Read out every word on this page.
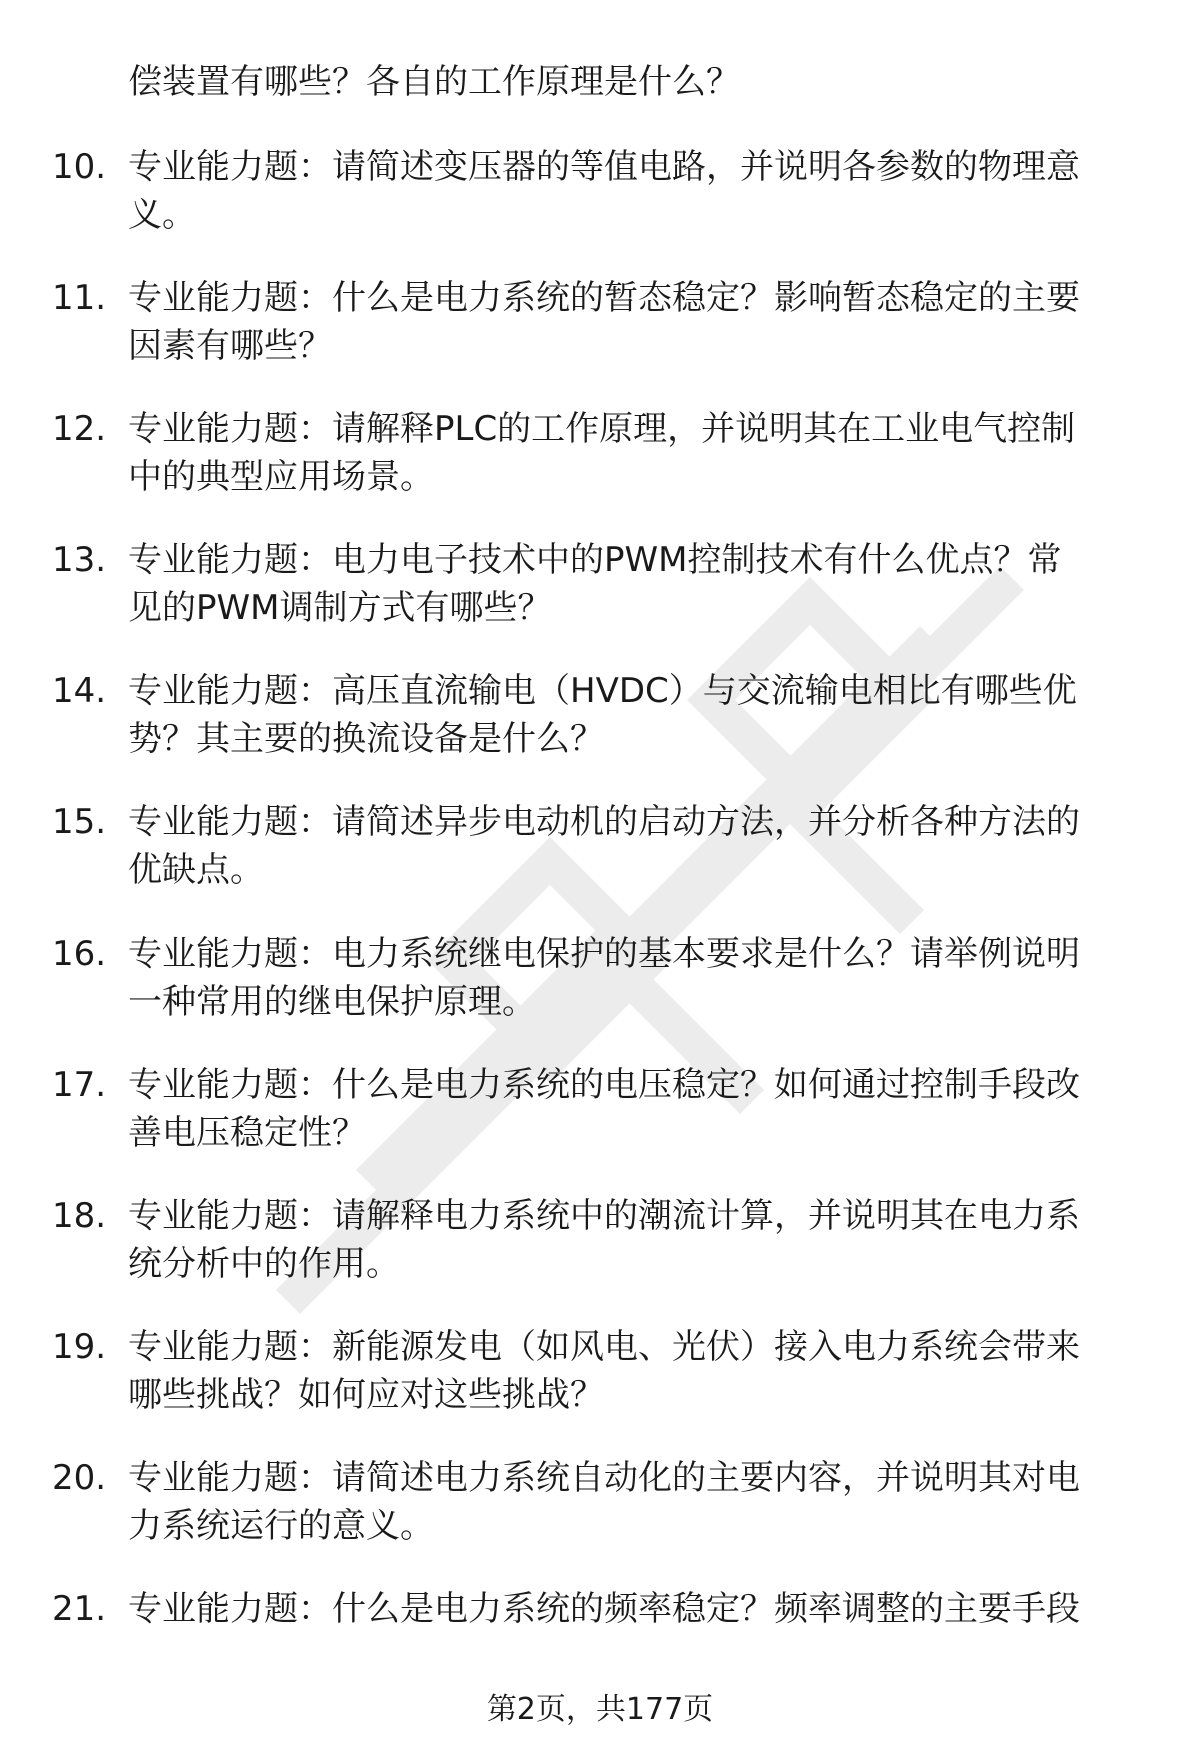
偿装置有哪些？各自的工作原理是什么？
10. 专业能力题：请简述变压器的等值电路，并说明各参数的物理意
义。
11. 专业能力题：什么是电力系统的暂态稳定？影响暂态稳定的主要
因素有哪些？
12. 专业能力题：请解释PLC的工作原理，并说明其在工业电气控制
中的典型应用场景。
13. 专业能力题：电力电子技术中的PWM控制技术有什么优点？常
见的PWM调制方式有哪些？
14. 专业能力题：高压直流输电（HVDC）与交流输电相比有哪些优
势？其主要的换流设备是什么？
15. 专业能力题：请简述异步电动机的启动方法，并分析各种方法的
优缺点。
16. 专业能力题：电力系统继电保护的基本要求是什么？请举例说明
一种常用的继电保护原理。
17. 专业能力题：什么是电力系统的电压稳定？如何通过控制手段改
善电压稳定性？
18. 专业能力题：请解释电力系统中的潮流计算，并说明其在电力系
统分析中的作用。
19. 专业能力题：新能源发电（如风电、光伏）接入电力系统会带来
哪些挑战？如何应对这些挑战？
20. 专业能力题：请简述电力系统自动化的主要内容，并说明其对电
力系统运行的意义。
21. 专业能力题：什么是电力系统的频率稳定？频率调整的主要手段
第2页，共177页
